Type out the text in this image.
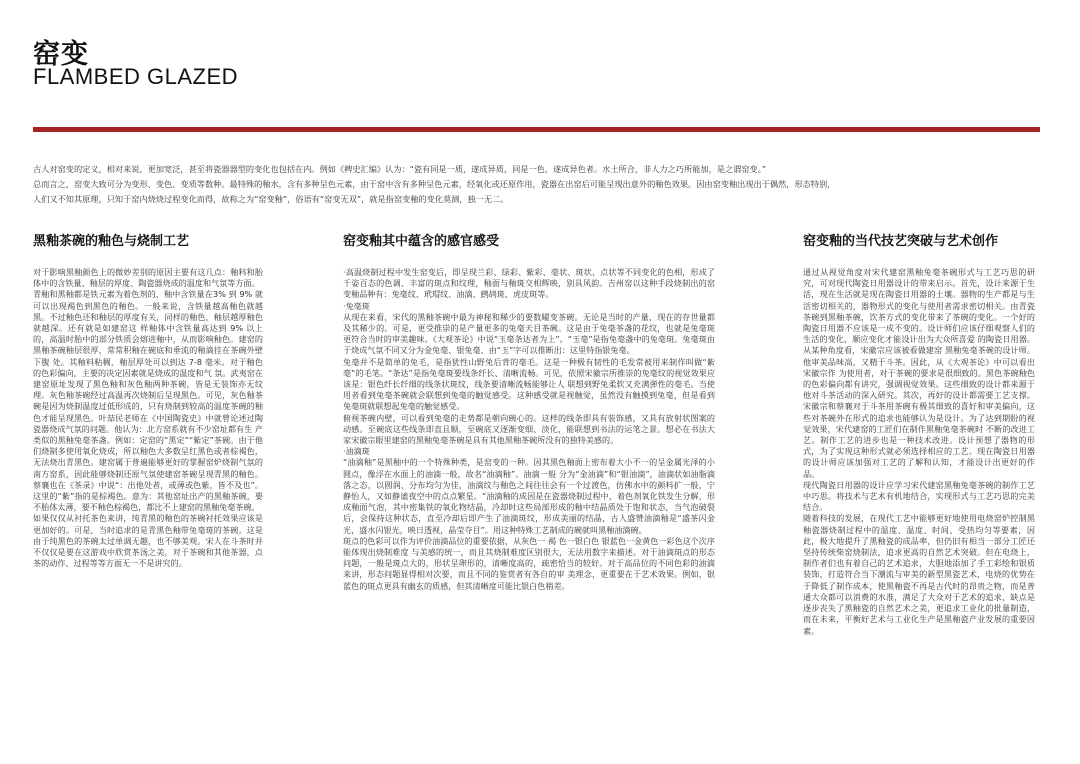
窑变
FLAMBED GLAZED

古人对窑变的定义，相对来说，更加宽泛，甚至将瓷器器型的变化也包括在内。例如《稗史汇编》认为：“瓷有同是一质，遂成异质，同是一色，遂成异色者。水土所合，非人力之巧所能加，是之谓窑变。”

总而言之，窑变大致可分为变形、变色、变质等数种。最特殊的釉水，含有多种呈色元素，由于窑中含有多种呈色元素，经氧化或还原作用，瓷器在出窑后可能呈现出意外的釉色效果。因由窑变釉出现出于偶然，形态特别，

人们又不知其原理，只知于窑内烧烧过程变化而得，故称之为“窑变釉”，俗语有“窑变无双”，就是指窑变釉的变化莫测，独一无二。

黑釉茶碗的釉色与烧制工艺

对于影响黑釉颜色上的微妙差别的原因主要有这几点：釉料和胎体中的含铁量、釉层的厚度、陶瓷器烧成的温度和气氛等方面。

青釉和黑釉都是铁元素为着色剂的，釉中含铁量在3% 到 9% 就可以出现褐色到黑色的釉色。一般来说，含铁量越高釉色就越黑。不过釉色还和釉层的厚度有关，同样的釉色，釉层越厚釉色就越深。还有就是如建窑这 样釉体中含铁量高达到 9% 以上的，高温时胎中的部分铁质会熔进釉中，从而影响釉色。建窑的黑釉茶碗釉层很厚，常常积釉在碗底和垂流的釉滴挂在茶碗外壁下腹 处。其釉料粘稠，釉层厚处可以到达 7-8 毫米。对于釉色的色彩偏向，主要的决定因素就是烧成的温度和气 氛。武夷窑在建窑原址发现了黑色釉和灰色釉两种茶碗，皆是无装饰亦无纹理。灰色釉茶碗经过高温再次烧制后呈现黑色。可见，灰色釉茶碗是因为烧制温度过低形成的，只有烧制到较高的温度茶碗的釉色才能呈现黑色。叶喆民老师在《中国陶瓷史》中就曾论述过陶瓷器烧成气氛的问题。他认为：北方窑系就有不少窑址都有生 产类似的黑釉兔毫茶盏。例如：定窑的“黑定”“紫定”茶碗。由于他们烧制多使用氧化烧成，所以釉色大多数呈红黑色或者棕褐色，无法烧出青黑色。建窑属于普遍能够更好的掌握窑炉烧制气氛的南方窑系，因此能够烧制还原气氛使建窑茶碗呈现青黑的釉色。蔡襄也在《茶录》中说“：出他处者，或薄或色紫，皆不及也”。这里的“紫”指的是棕褐色。意为：其他窑址出产的黑釉茶碗，要不胎体太薄，要不釉色棕褐色，都比不上建窑的黑釉兔毫茶碗。

如果仅仅从衬托茶色来讲，纯青黑的釉色的茶碗衬托效果应该是更加好的。可是，当时追求的是青黑色釉带兔毫斑的茶碗。这是由于纯黑色的茶碗太过单调无趣，也不够美观。宋人在斗茶时并不仅仅是要在这游戏中欣赏茶汤之美，对于茶碗和其他茶器，点茶的动作、过程等等方面无一不是讲究的。

窑变釉其中蕴含的感官感受

·高温烧制过程中发生窑变后，即呈现兰彩、绿彩、紫彩、毫状、斑状、点状等不同变化的色相，形成了千姿百态的色调、丰富的斑点和纹理，釉面与釉斑交相辉映，别具风韵。吉州窑以这种手段烧制出的窑变釉品种有：兔毫纹、玳瑁纹、油滴、鹧鸪斑、虎皮斑等。

·兔毫斑

从现在来看，宋代的黑釉茶碗中最为神秘和稀少的要数曜变茶碗。无论是当时的产量，现在的存世量都 及其稀少的。可是，更受推崇的是产量更多的兔毫天目茶碗。这是由于兔毫茶盏的花纹，也就是兔毫斑更符合当时的审美趣味。《大观茶论》中说“玉毫条达者为上”。“玉毫”是指兔毫盏中的兔毫斑。兔毫斑由于烧成气氛不同又分为金兔毫、银兔毫、由“玉”字可以推断出：这里特指银兔毫。

兔毫并不是简单的兔毛，是指犹性山野兔后背的毫毛。这是一种极有韧性的毛发常被用来制作叫做“紫毫”的毛笔。“条达”是指兔毫斑要线条纤长、清晰流畅。可见，依照宋徽宗所推崇的兔毫纹的视觉效果应该是：银色纤长纤细的线条状斑纹，线条要清晰流畅能够让人 联想到野兔柔软又充满弹性的毫毛。当使用者看到兔毫茶碗就会联想到兔毫的触觉感受。这种感受就是视触觉，虽然没有触摸到兔毫，但是看到兔毫斑就联想起兔毫的触觉感受。

俯视茶碗内壁，可以看到兔毫的走势都是朝向碗心的。这样的线条即具有装饰感，又具有放射状图案的动感。至碗底这些线条即直且顺，至碗底又逐渐变细、淡化，能联想到书法的运笔之景。想必在书法大家宋徽宗眼里建窑的黑釉兔毫茶碗是具有其他黑釉茶碗所没有的独特美感的。

·油滴斑

“油滴釉”是黑釉中的一个特殊种类，是窑变的一种。因其黑色釉面上密布着大小不一的呈金属光泽的小圆点，像浮在水面上的油滴一般，故名“油滴釉”。油滴一般 分为“金油滴”和“银油滴”，油滴状如油脂滴落之态，以圆润、分布均匀为佳，油滴纹与釉色之间往往会有一个过渡色，仿佛水中的颜料扩一般，宁静怡人，又如静谧夜空中的点点繁星。“油滴釉的成因是在瓷器烧制过程中，着色剂氧化铁发生分解，形成釉面气泡，其中密集铁的氧化物结晶，冷却时这些局部形成的釉中结晶质处于饱和状态，当气泡破裂后，会保持这种状态，直至冷却后即产生了油滴斑纹，形成美丽的结晶，古人盛赞油滴釉是“盛茶闪金光，盛水闪银光，映日透视，晶莹夺目”。用这种特殊工艺制成的碗就叫黑釉油滴碗。

斑点的色彩可以作为评价油滴品位的重要依据，从灰色一 褐 色一银白色 银蓝色一金黄色一彩色这个次序能体现出烧制难度 与美感的统一，而且其烧制难度区别很大，无法用数字来描述。对于油滴斑点的形态问题，一般是斑点大的，形状呈卵形的，清晰度高的，疏密恰当的较好。对于高品位的不同色彩的油滴来讲，形态问题显得相对次要，而且不同的鉴赏者有各自的审 美理念，更重要在于艺术效果。例如，银蓝色的斑点更具有幽玄的质感，但其清晰度可能比银白色稍差。

窑变釉的当代技艺突破与艺术创作

通过从视觉角度对宋代建窑黑釉兔毫茶碗形式与工艺巧思的研究，可对现代陶瓷日用器设计的带来启示。首先，设计来源于生活，现在生活就是现在陶瓷日用器的土壤。器物的生产都是与生活密切相关的，器物形式的变化与使用者需求密切相关。由青瓷茶碗到黑釉茶碗，饮茶方式的变化带来了茶碗的变化。一个好的陶瓷日用器不应该是一成不变的。设计师们应该仔细观察人们的生活的变化，顺应变化才能设计出为大众所喜爱 的陶瓷日用器。从某种角度看，宋徽宗应该被看做建窑 黑釉兔毫茶碗的设计师。他审美品味高，又精于斗茶。因此，从《大观茶论》中可以看出宋徽宗作 为使用者，对于茶碗的要求是很细致的。黑色茶碗釉色的色彩偏向都有讲究，强调视觉效果。这些细致的设计都来源于他对斗茶活动的深入研究。其次，再好的设计都需要工艺支撑。宋徽宗和蔡襄对于斗茶用茶碗有极其细致的喜好和审美偏向，这些对茶碗外在形式的追求也能够认为是设计。为了达到期盼的视觉效果，宋代建窑的工匠们在制作黑釉兔毫茶碗时 不断的改进工艺。制作工艺的进步也是一种技术改进。设计预想了器物的形式，为了实现这种形式就必须选择相应的工艺。现在陶瓷日用器的设计师应该加强对工艺的了解和认知，才能设计出更好的作品。

现代陶瓷日用器的设计应学习宋代建窑黑釉兔毫茶碗的制作工艺中巧思。将技术与艺术有机地结合，实现形式与工艺巧思的完美结合。

随着科技的发展，在现代工艺中能够更好地使用电烧窑炉控制黑釉瓷器烧制过程中的温度、温度、时间、受热均匀等要素，因此，极大地提升了黑釉瓷的成品率，但仍旧有相当一部分工匠还坚持传统柴窑烧制法，追求更高的自然艺术突破。但在电烧上，制作者们也有着自己的艺术追求，大胆地添加了手工彩绘和银质装饰，打造符合当下潮流与审美的新型黑瓷艺术，电烧的优势在于降低了制作成本，使黑釉瓷不再是古代时的昂贵之物，而是普通大众都可以消费的水准，满足了大众对于艺术的追求，缺点是逐步丧失了黑釉瓷的自然艺术之美，更追求工业化的批量制造，而在未来，平衡好艺术与工业化生产是黑釉瓷产业发展的重要因素。
